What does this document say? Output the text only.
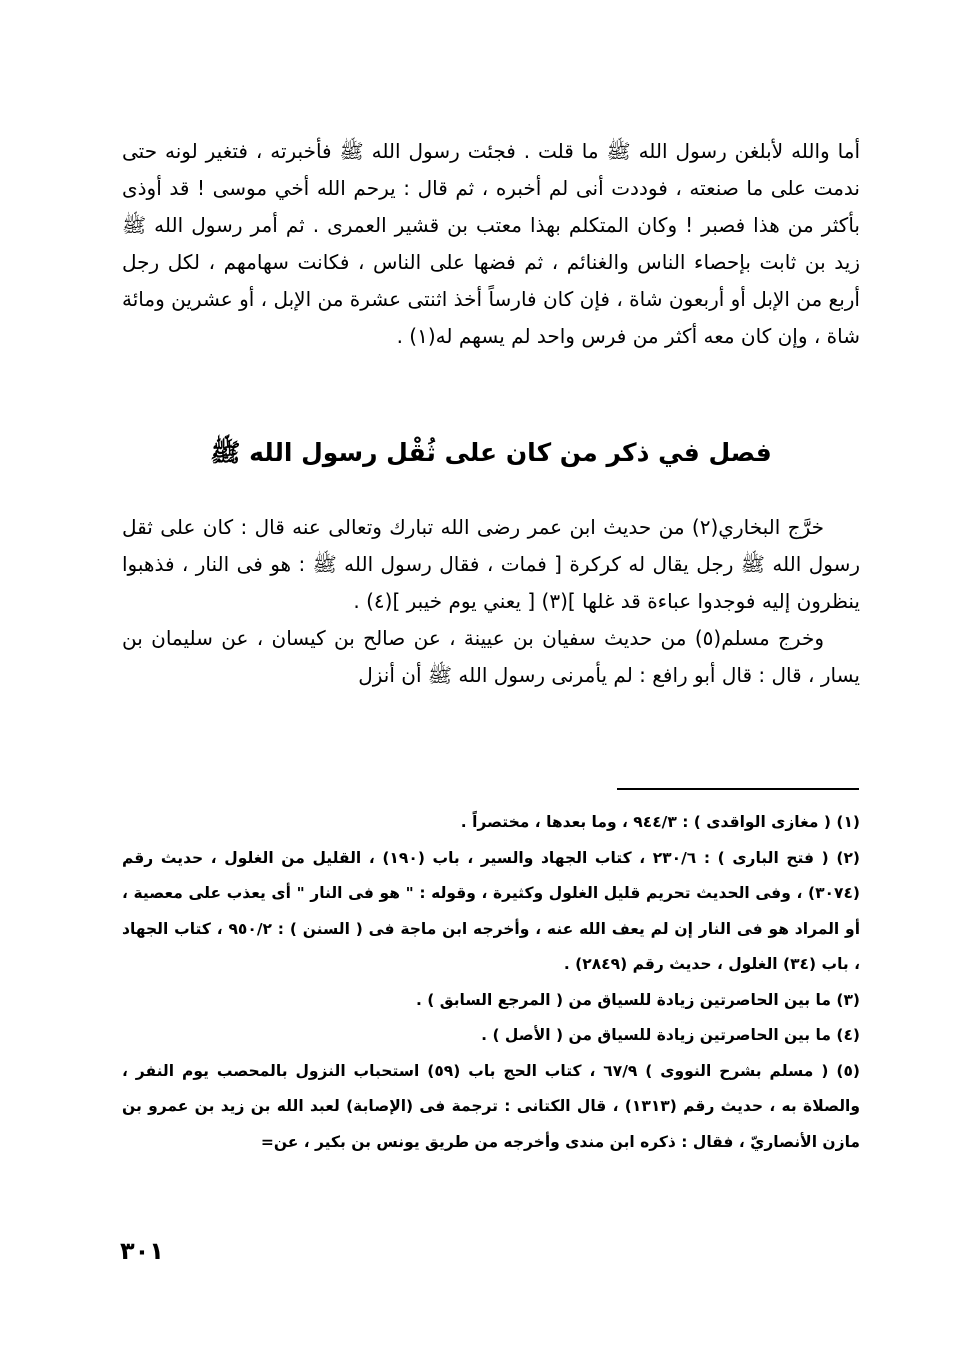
أما والله لأبلغن رسول الله ﷺ ما قلت . فجئت رسول الله ﷺ فأخبرته ، فتغير لونه حتى ندمت على ما صنعته ، فوددت أنى لم أخبره ، ثم قال : يرحم الله أخي موسى ! قد أوذى بأكثر من هذا فصبر ! وكان المتكلم بهذا معتب بن قشير العمرى . ثم أمر رسول الله ﷺ زيد بن ثابت بإحصاء الناس والغنائم ، ثم فضها على الناس ، فكانت سهامهم ، لكل رجل أربع من الإبل أو أربعون شاة ، فإن كان فارساً أخذ اثنتى عشرة من الإبل ، أو عشرين ومائة شاة ، وإن كان معه أكثر من فرس واحد لم يسهم له(١) .

فصل في ذكر من كان على ثُقْل رسول الله ﷺ

خرَّج البخاري(٢) من حديث ابن عمر رضى الله تبارك وتعالى عنه قال : كان على ثقل رسول الله ﷺ رجل يقال له كركرة [ فمات ، فقال رسول الله ﷺ : هو فى النار ، فذهبوا ينظرون إليه فوجدوا عباءة قد غلها ](٣) [ يعني يوم خيبر ](٤) .

وخرج مسلم(٥) من حديث سفيان بن عيينة ، عن صالح بن كيسان ، عن سليمان بن يسار ، قال : قال أبو رافع : لم يأمرنى رسول الله ﷺ أن أنزل

(١) ( مغازى الواقدى ) : ٩٤٤/٣ ، وما بعدها ، مختصراً .

(٢) ( فتح البارى ) : ٢٣٠/٦ ، كتاب الجهاد والسير ، باب (١٩٠) ، القليل من الغلول ، حديث رقم (٣٠٧٤) ، وفى الحديث تحريم قليل الغلول وكثيرة ، وقوله : " هو فى النار " أى يعذب على معصية ، أو المراد هو فى النار إن لم يعف الله عنه ، وأخرجه ابن ماجة فى ( السنن ) : ٩٥٠/٢ ، كتاب الجهاد ، باب (٣٤) الغلول ، حديث رقم (٢٨٤٩) .

(٣) ما بين الحاصرتين زيادة للسياق من ( المرجع السابق ) .

(٤) ما بين الحاصرتين زيادة للسياق من ( الأصل ) .

(٥) ( مسلم بشرح النووى ) ٦٧/٩ ، كتاب الحج باب (٥٩) استحباب النزول بالمحصب يوم النفر ، والصلاة به ، حديث رقم (١٣١٣) ، قال الكتانى : ترجمة فى (الإصابة) لعبد الله بن زيد بن عمرو بن مازن الأنصاريّ ، فقال : ذكره ابن مندى وأخرجه من طريق يونس بن بكير ، عن=

٣٠١
